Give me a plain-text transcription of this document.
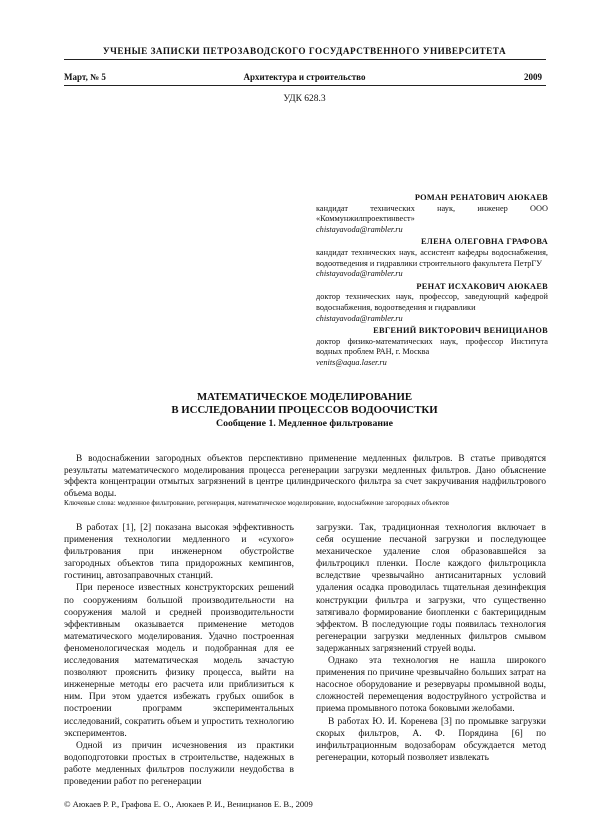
УЧЕНЫЕ ЗАПИСКИ ПЕТРОЗАВОДСКОГО ГОСУДАРСТВЕННОГО УНИВЕРСИТЕТА
Март, № 5	Архитектура и строительство	2009
УДК 628.3
РОМАН РЕНАТОВИЧ АЮКАЕВ
кандидат технических наук, инженер ООО «Коммунжилпроектинвест»
chistayavoda@rambler.ru
ЕЛЕНА ОЛЕГОВНА ГРАФОВА
кандидат технических наук, ассистент кафедры водоснабжения, водоотведения и гидравлики строительного факультета ПетрГУ
chistayavoda@rambler.ru
РЕНАТ ИСХАКОВИЧ АЮКАЕВ
доктор технических наук, профессор, заведующий кафедрой водоснабжения, водоотведения и гидравлики
chistayavoda@rambler.ru
ЕВГЕНИЙ ВИКТОРОВИЧ ВЕНИЦИАНОВ
доктор физико-математических наук, профессор Института водных проблем РАН, г. Москва
venits@aqua.laser.ru
МАТЕМАТИЧЕСКОЕ МОДЕЛИРОВАНИЕ
В ИССЛЕДОВАНИИ ПРОЦЕССОВ ВОДООЧИСТКИ
Сообщение 1. Медленное фильтрование
В водоснабжении загородных объектов перспективно применение медленных фильтров. В статье приводятся результаты математического моделирования процесса регенерации загрузки медленных фильтров. Дано объяснение эффекта концентрации отмытых загрязнений в центре цилиндрического фильтра за счет закручивания надфильтрового объема воды.
Ключевые слова: медленное фильтрование, регенерация, математическое моделирование, водоснабжение загородных объектов

В работах [1], [2] показана высокая эффективность применения технологии медленного и «сухого» фильтрования при инженерном обустройстве загородных объектов типа придорожных кемпингов, гостиниц, автозаправочных станций.

При переносе известных конструкторских решений по сооружениям большой производительности на сооружения малой и средней производительности эффективным оказывается применение методов математического моделирования. Удачно построенная феноменологическая модель и подобранная для ее исследования математическая модель зачастую позволяют прояснить физику процесса, выйти на инженерные методы его расчета или приблизиться к ним. При этом удается избежать грубых ошибок в построении программ экспериментальных исследований, сократить объем и упростить технологию экспериментов.

Одной из причин исчезновения из практики водоподготовки простых в строительстве, надежных в работе медленных фильтров послужили неудобства в проведении работ по регенерации

загрузки. Так, традиционная технология включает в себя осушение песчаной загрузки и последующее механическое удаление слоя образовавшейся за фильтроцикл пленки. После каждого фильтроцикла вследствие чрезвычайно антисанитарных условий удаления осадка проводилась тщательная дезинфекция конструкции фильтра и загрузки, что существенно затягивало формирование биопленки с бактерицидным эффектом. В последующие годы появилась технология регенерации загрузки медленных фильтров смывом задержанных загрязнений струей воды.

Однако эта технология не нашла широкого применения по причине чрезвычайно больших затрат на насосное оборудование и резервуары промывной воды, сложностей перемещения водоструйного устройства и приема промывного потока боковыми желобами.

В работах Ю. И. Коренева [3] по промывке загрузки скорых фильтров, А. Ф. Порядина [6] по инфильтрационным водозаборам обсуждается метод регенерации, который позволяет извлекать

© Аюкаев Р. Р., Графова Е. О., Аюкаев Р. И., Веницианов Е. В., 2009
